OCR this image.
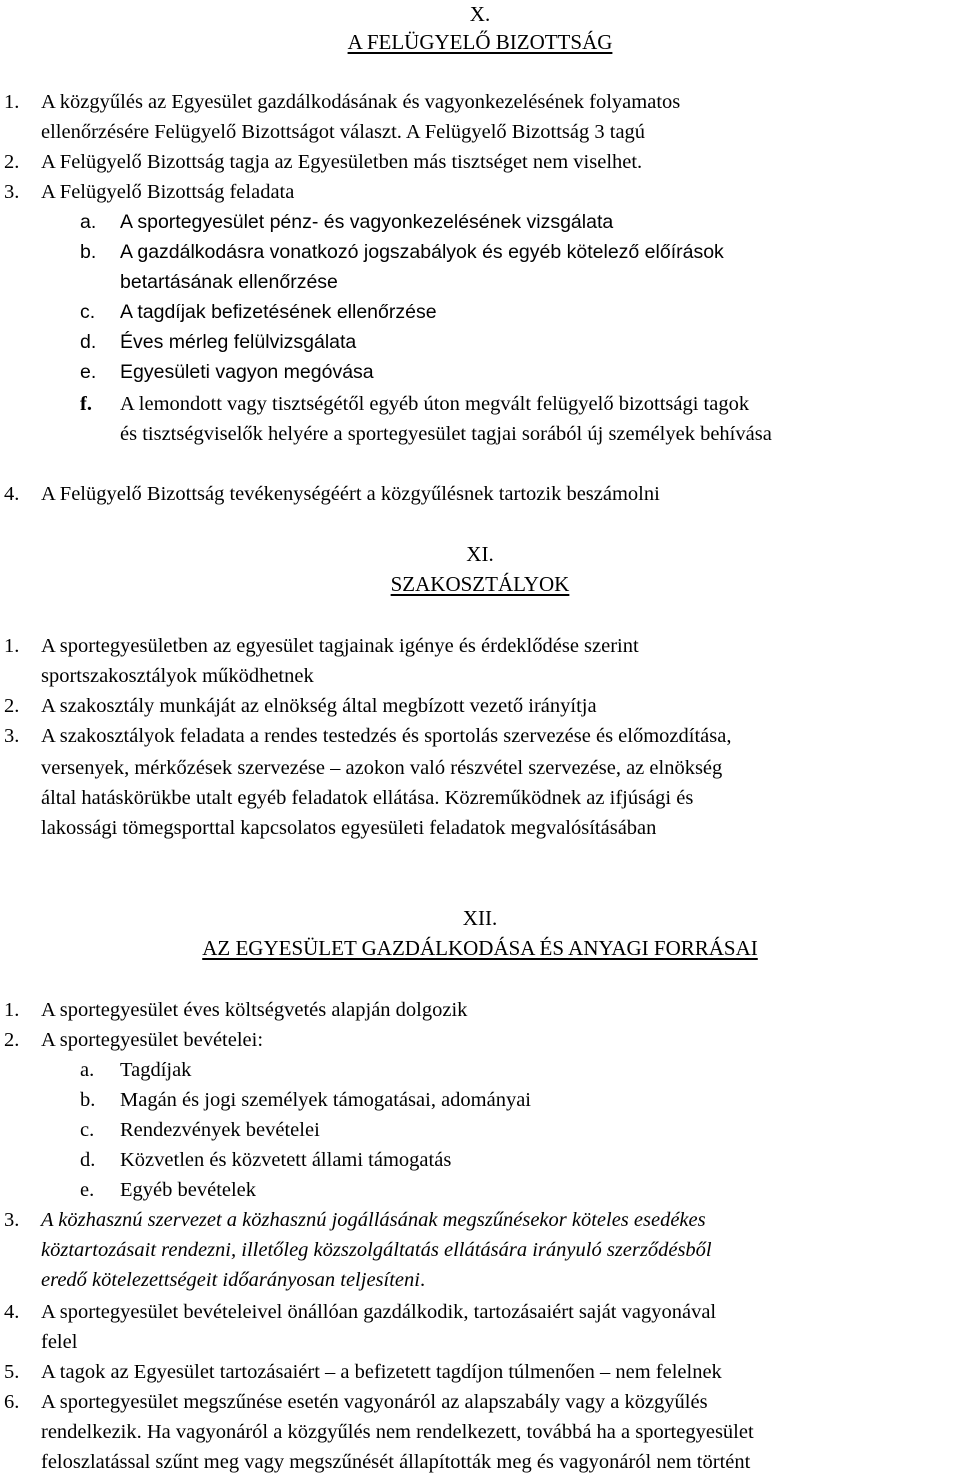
X.
A FELÜGYELŐ BIZOTTSÁG
1. A közgyűlés az Egyesület gazdálkodásának és vagyonkezelésének folyamatos
ellenőrzésére Felügyelő Bizottságot választ. A Felügyelő Bizottság 3 tagú
2. A Felügyelő Bizottság tagja az Egyesületben más tisztséget nem viselhet.
3. A Felügyelő Bizottság feladata
a. A sportegyesület pénz- és vagyonkezelésének vizsgálata
b. A gazdálkodásra vonatkozó jogszabályok és egyéb kötelező előírások
betartásának ellenőrzése
c. A tagdíjak befizetésének ellenőrzése
d. Éves mérleg felülvizsgálata
e. Egyesületi vagyon megóvása
f. A lemondott vagy tisztségétől egyéb úton megvált felügyelő bizottsági tagok
és tisztségviselők helyére a sportegyesület tagjai sorából új személyek behívása
4. A Felügyelő Bizottság tevékenységéért a közgyűlésnek tartozik beszámolni
XI.
SZAKOSZTÁLYOK
1. A sportegyesületben az egyesület tagjainak igénye és érdeklődése szerint
sportszakosztályok működhetnek
2. A szakosztály munkáját az elnökség által megbízott vezető irányítja
3. A szakosztályok feladata a rendes testedzés és sportolás szervezése és előmozdítása,
versenyek, mérkőzések szervezése – azokon való részvétel szervezése, az elnökség
által hatáskörükbe utalt egyéb feladatok ellátása. Közreműködnek az ifjúsági és
lakossági tömegsporttal kapcsolatos egyesületi feladatok megvalósításában
XII.
AZ EGYESÜLET GAZDÁLKODÁSA ÉS ANYAGI FORRÁSAI
1. A sportegyesület éves költségvetés alapján dolgozik
2. A sportegyesület bevételei:
a. Tagdíjak
b. Magán és jogi személyek támogatásai, adományai
c. Rendezvények bevételei
d. Közvetlen és közvetett állami támogatás
e. Egyéb bevételek
3. A közhasznú szervezet a közhasznú jogállásának megszűnésekor köteles esedékes
köztartozásait rendezni, illetőleg közszolgáltatás ellátására irányuló szerződésből
eredő kötelezettségeit időarányosan teljesíteni.
4. A sportegyesület bevételeivel önállóan gazdálkodik, tartozásaiért saját vagyonával
felel
5. A tagok az Egyesület tartozásaiért – a befizetett tagdíjon túlmenően – nem felelnek
6. A sportegyesület megszűnése esetén vagyonáról az alapszabály vagy a közgyűlés
rendelkezik. Ha vagyonáról a közgyűlés nem rendelkezett, továbbá ha a sportegyesület
feloszlatással szűnt meg vagy megszűnését állapították meg és vagyonáról nem történt
